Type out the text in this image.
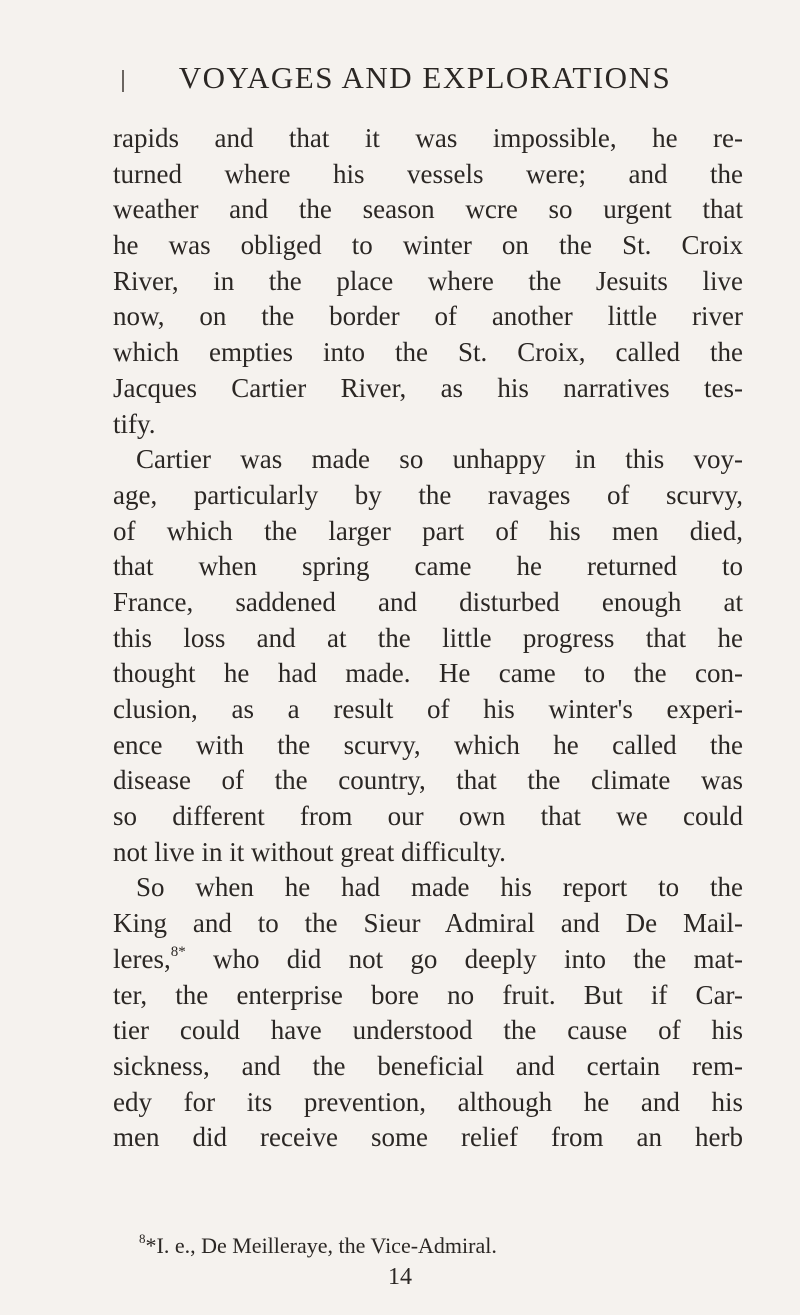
VOYAGES AND EXPLORATIONS
rapids and that it was impossible, he re-
turned where his vessels were; and the
weather and the season wcre so urgent that
he was obliged to winter on the St. Croix
River, in the place where the Jesuits live
now, on the border of another little river
which empties into the St. Croix, called the
Jacques Cartier River, as his narratives tes-
tify.
Cartier was made so unhappy in this voy-
age, particularly by the ravages of scurvy,
of which the larger part of his men died,
that when spring came he returned to
France, saddened and disturbed enough at
this loss and at the little progress that he
thought he had made. He came to the con-
clusion, as a result of his winter's experi-
ence with the scurvy, which he called the
disease of the country, that the climate was
so different from our own that we could
not live in it without great difficulty.
So when he had made his report to the
King and to the Sieur Admiral and De Mail-
leres,$^{8*}$ who did not go deeply into the mat-
ter, the enterprise bore no fruit. But if Car-
tier could have understood the cause of his
sickness, and the beneficial and certain rem-
edy for its prevention, although he and his
men did receive some relief from an herb
$^8$*I. e., De Meilleraye, the Vice-Admiral.
14
